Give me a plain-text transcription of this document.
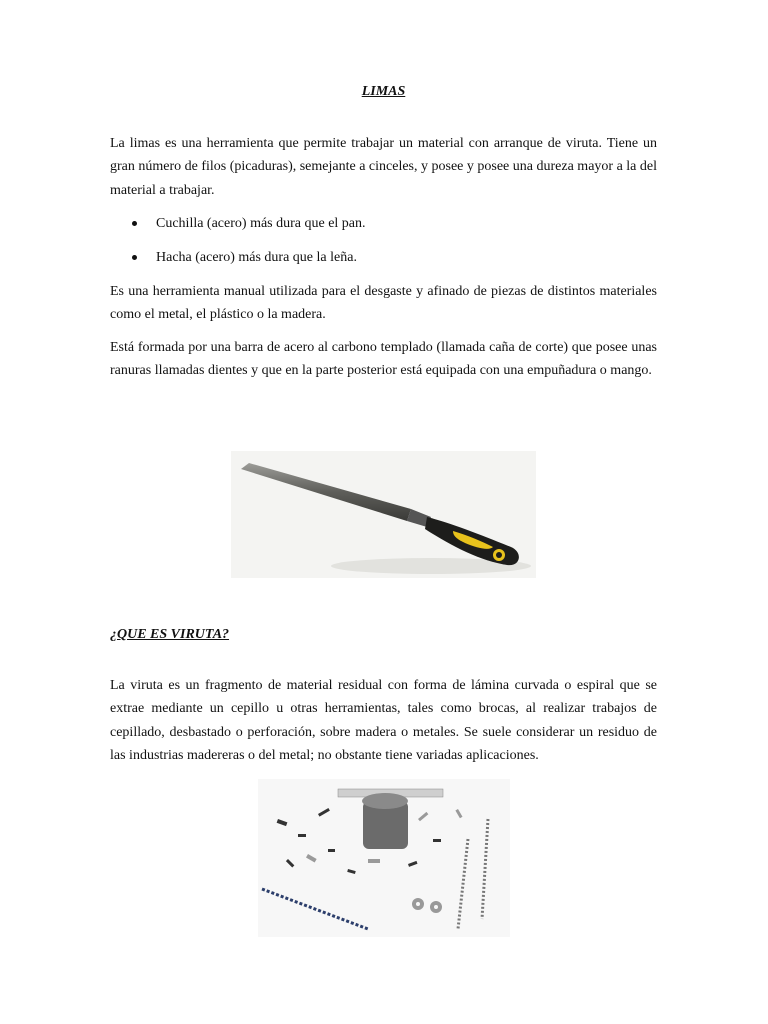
LIMAS

La limas es una herramienta que permite trabajar un material con arranque de viruta. Tiene un gran número de filos (picaduras), semejante a cinceles, y posee y posee una dureza mayor a la del material a trabajar.

Cuchilla (acero) más dura que el pan.
Hacha (acero) más dura que la leña.

Es una herramienta manual utilizada para el desgaste y afinado de piezas de distintos materiales como el metal, el plástico o la madera.

Está formada por una barra de acero al carbono templado (llamada caña de corte) que posee unas ranuras llamadas dientes y que en la parte posterior está equipada con una empuñadura o mango.

¿QUE ES VIRUTA?

La viruta es un fragmento de material residual con forma de lámina curvada o espiral que se extrae mediante un cepillo u otras herramientas, tales como brocas, al realizar trabajos de cepillado, desbastado o perforación, sobre madera o metales. Se suele considerar un residuo de las industrias madereras o del metal; no obstante tiene variadas aplicaciones.
